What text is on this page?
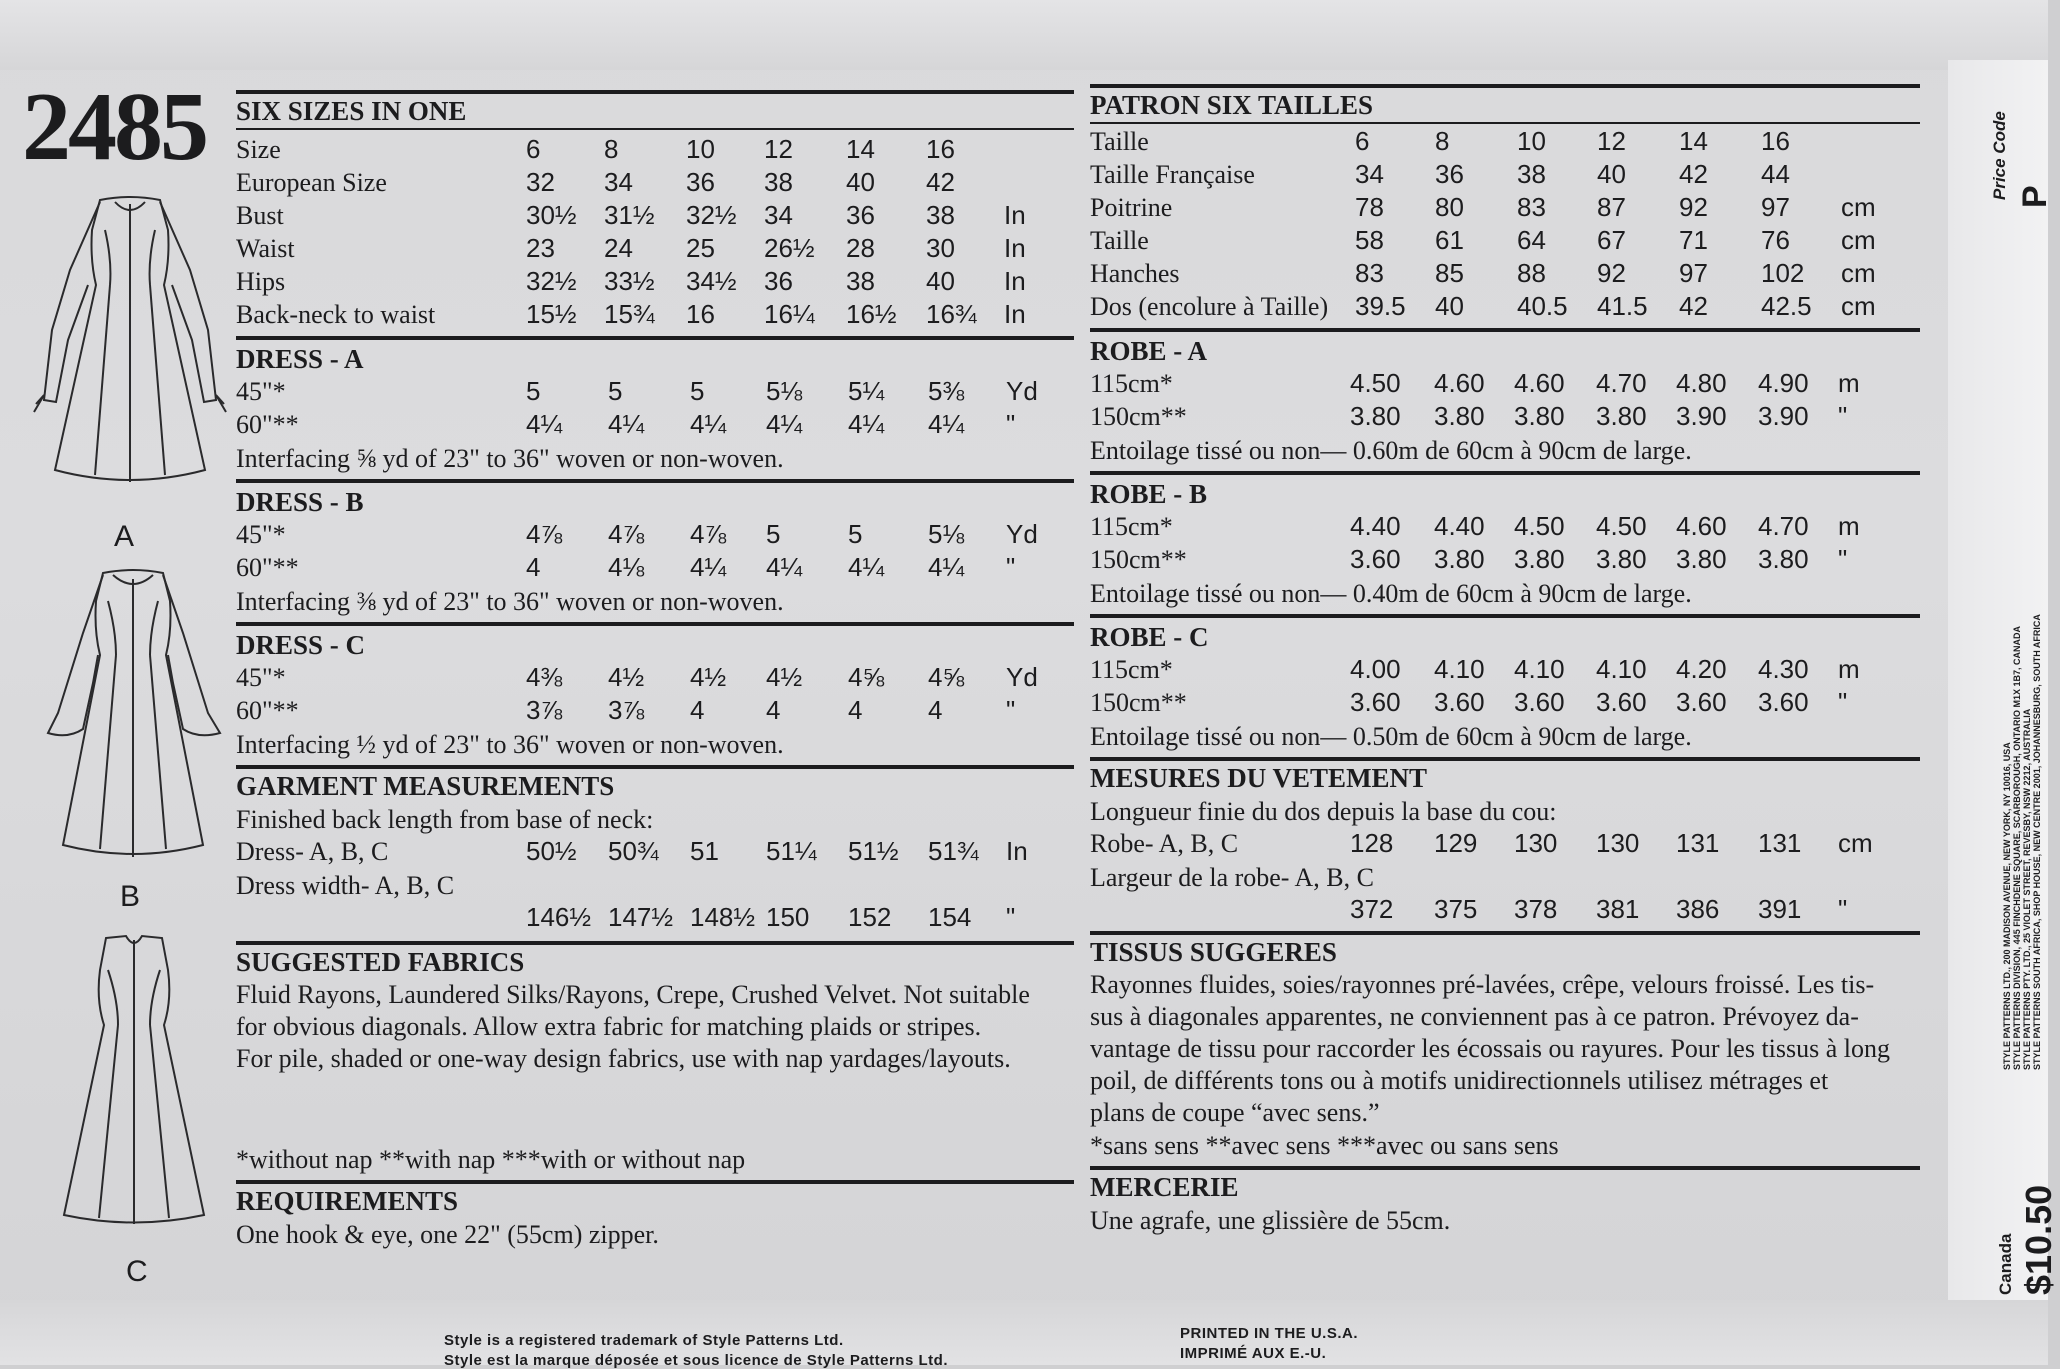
2485
A
B
C
SIX SIZES IN ONE
Size	6	8	10	12	14	16
European Size	32	34	36	38	40	42
Bust	30½	31½	32½	34	36	38	In
Waist	23	24	25	26½	28	30	In
Hips	32½	33½	34½	36	38	40	In
Back-neck to waist	15½	15¾	16	16¼	16½	16¾	In
DRESS - A
45"*	5	5	5	5⅛	5¼	5⅜	Yd
60"**	4¼	4¼	4¼	4¼	4¼	4¼	"
Interfacing ⅝ yd of 23" to 36" woven or non-woven.
DRESS - B
45"*	4⅞	4⅞	4⅞	5	5	5⅛	Yd
60"**	4	4⅛	4¼	4¼	4¼	4¼	"
Interfacing ⅜ yd of 23" to 36" woven or non-woven.
DRESS - C
45"*	4⅜	4½	4½	4½	4⅝	4⅝	Yd
60"**	3⅞	3⅞	4	4	4	4	"
Interfacing ½ yd of 23" to 36" woven or non-woven.
GARMENT MEASUREMENTS
Finished back length from base of neck:
Dress- A, B, C	50½	50¾	51	51¼	51½	51¾	In
Dress width- A, B, C
146½ 147½ 148½ 150	152	154	"
SUGGESTED FABRICS
Fluid Rayons, Laundered Silks/Rayons, Crepe, Crushed Velvet. Not suitable
for obvious diagonals. Allow extra fabric for matching plaids or stripes.
For pile, shaded or one-way design fabrics, use with nap yardages/layouts.
*without nap **with nap ***with or without nap
REQUIREMENTS
One hook & eye, one 22" (55cm) zipper.
PATRON SIX TAILLES
Taille	6	8	10	12	14	16
Taille Française	34	36	38	40	42	44
Poitrine	78	80	83	87	92	97	cm
Taille	58	61	64	67	71	76	cm
Hanches	83	85	88	92	97	102	cm
Dos (encolure à Taille)	39.5	40	40.5	41.5	42	42.5	cm
ROBE - A
115cm*	4.50	4.60	4.60	4.70	4.80	4.90	m
150cm**	3.80	3.80	3.80	3.80	3.90	3.90	"
Entoilage tissé ou non— 0.60m de 60cm à 90cm de large.
ROBE - B
115cm*	4.40	4.40	4.50	4.50	4.60	4.70	m
150cm**	3.60	3.80	3.80	3.80	3.80	3.80	"
Entoilage tissé ou non— 0.40m de 60cm à 90cm de large.
ROBE - C
115cm*	4.00	4.10	4.10	4.10	4.20	4.30	m
150cm**	3.60	3.60	3.60	3.60	3.60	3.60	"
Entoilage tissé ou non— 0.50m de 60cm à 90cm de large.
MESURES DU VETEMENT
Longueur finie du dos depuis la base du cou:
Robe- A, B, C	128	129	130	130	131	131	cm
Largeur de la robe- A, B, C
372	375	378	381	386	391	"
TISSUS SUGGERES
Rayonnes fluides, soies/rayonnes pré-lavées, crêpe, velours froissé. Les tis-
sus à diagonales apparentes, ne conviennent pas à ce patron. Prévoyez da-
vantage de tissu pour raccorder les écossais ou rayures. Pour les tissus à long
poil, de différents tons ou à motifs unidirectionnels utilisez métrages et
plans de coupe “avec sens.”
*sans sens **avec sens ***avec ou sans sens
MERCERIE
Une agrafe, une glissière de 55cm.
Price Code P
STYLE PATTERNS LTD., 200 MADISON AVENUE, NEW YORK, NY 10016, USA STYLE PATTERNS DIVISION, 445 FINCHDENE SQUARE, SCARBOROUGH, ONTARIO M1X 1B7, CANADA STYLE PATTERNS PTY. LTD., 25 VIOLET STREET, REVESBY, NSW 2212, AUSTRALIA STYLE PATTERNS SOUTH AFRICA, SHOP HOUSE, NEW CENTRE 2001, JOHANNESBURG, SOUTH AFRICA
Canada $10.50
Style is a registered trademark of Style Patterns Ltd.
Style est la marque déposée et sous licence de Style Patterns Ltd.
PRINTED IN THE U.S.A.
IMPRIMÉ AUX E.-U.
